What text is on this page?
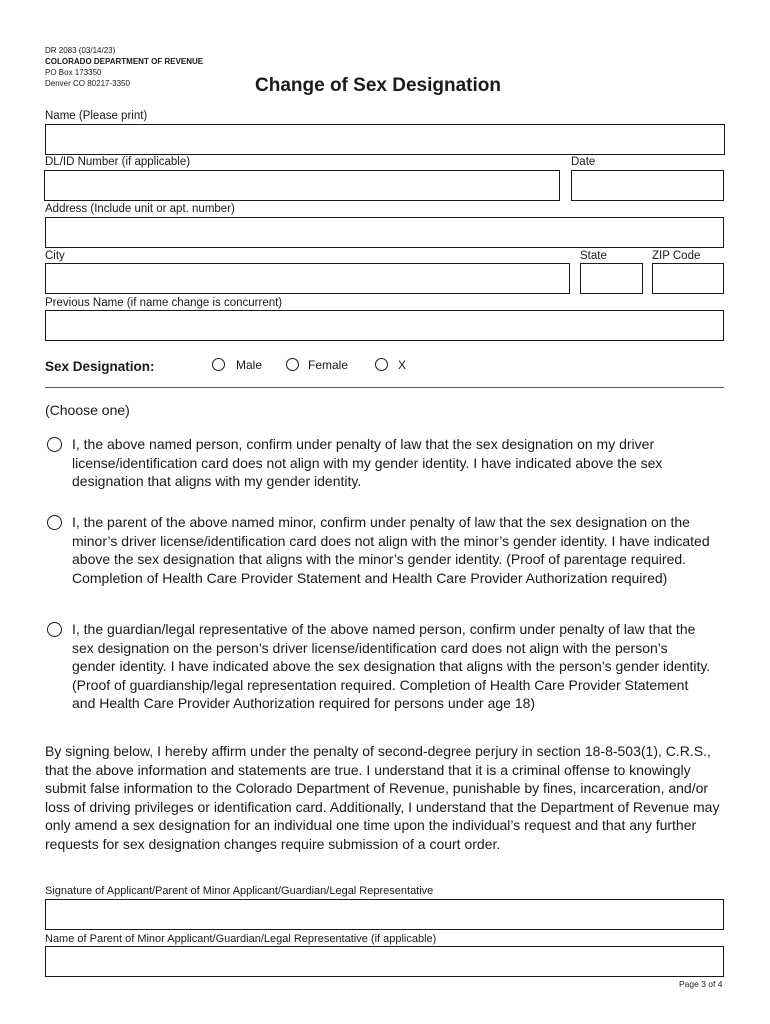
DR 2083 (03/14/23)
COLORADO DEPARTMENT OF REVENUE
PO Box 173350
Denver CO 80217-3350	Change of Sex Designation
Name (Please print)
DL/ID Number (if applicable)	Date
Address (Include unit or apt. number)
City	State	ZIP Code
Previous Name (if name change is concurrent)
Sex Designation:	Male	Female	X
(Choose one)
I, the above named person, confirm under penalty of law that the sex designation on my driver license/identification card does not align with my gender identity. I have indicated above the sex designation that aligns with my gender identity.
I, the parent of the above named minor, confirm under penalty of law that the sex designation on the minor’s driver license/identification card does not align with the minor’s gender identity. I have indicated above the sex designation that aligns with the minor’s gender identity. (Proof of parentage required. Completion of Health Care Provider Statement and Health Care Provider Authorization required)
I, the guardian/legal representative of the above named person, confirm under penalty of law that the sex designation on the person’s driver license/identification card does not align with the person’s gender identity. I have indicated above the sex designation that aligns with the person’s gender identity. (Proof of guardianship/legal representation required. Completion of Health Care Provider Statement and Health Care Provider Authorization required for persons under age 18)
By signing below, I hereby affirm under the penalty of second-degree perjury in section 18-8-503(1), C.R.S., that the above information and statements are true. I understand that it is a criminal offense to knowingly submit false information to the Colorado Department of Revenue, punishable by fines, incarceration, and/or loss of driving privileges or identification card. Additionally, I understand that the Department of Revenue may only amend a sex designation for an individual one time upon the individual’s request and that any further requests for sex designation changes require submission of a court order.
Signature of Applicant/Parent of Minor Applicant/Guardian/Legal Representative
Name of Parent of Minor Applicant/Guardian/Legal Representative (if applicable)
Page 3 of 4
